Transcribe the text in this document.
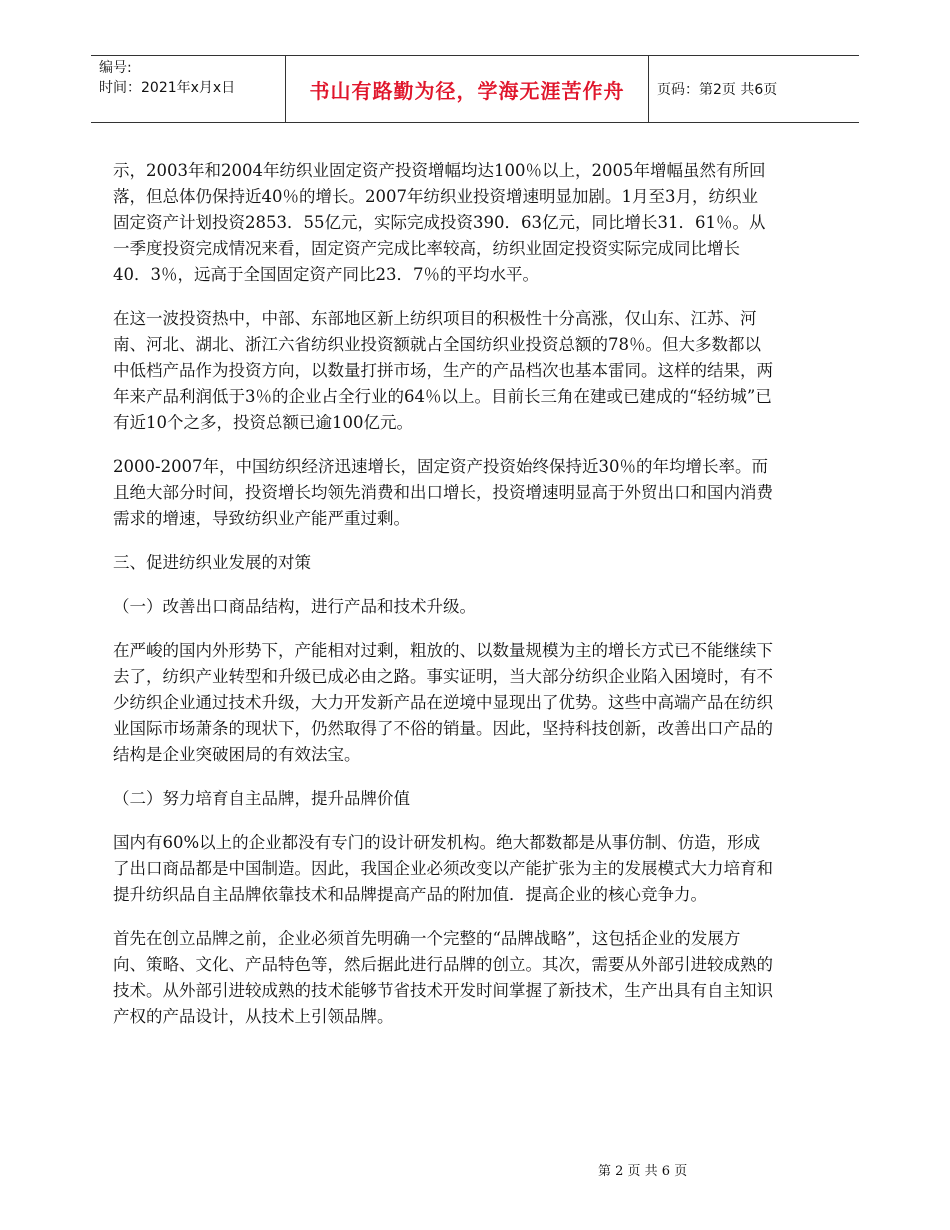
编号:
时间：2021年x月x日	书山有路勤为径，学海无涯苦作舟	页码：第2页 共6页

示，2003年和2004年纺织业固定资产投资增幅均达100％以上，2005年增幅虽然有所回落，但总体仍保持近40％的增长。2007年纺织业投资增速明显加剧。1月至3月，纺织业固定资产计划投资2853．55亿元，实际完成投资390．63亿元，同比增长31．61％。从一季度投资完成情况来看，固定资产完成比率较高，纺织业固定投资实际完成同比增长40．3％，远高于全国固定资产同比23．7％的平均水平。

在这一波投资热中，中部、东部地区新上纺织项目的积极性十分高涨，仅山东、江苏、河南、河北、湖北、浙江六省纺织业投资额就占全国纺织业投资总额的78％。但大多数都以中低档产品作为投资方向，以数量打拼市场，生产的产品档次也基本雷同。这样的结果，两年来产品利润低于3％的企业占全行业的64％以上。目前长三角在建或已建成的“轻纺城”已有近10个之多，投资总额已逾100亿元。

2000-2007年，中国纺织经济迅速增长，固定资产投资始终保持近30％的年均增长率。而且绝大部分时间，投资增长均领先消费和出口增长，投资增速明显高于外贸出口和国内消费需求的增速，导致纺织业产能严重过剩。

三、促进纺织业发展的对策

（一）改善出口商品结构，进行产品和技术升级。

在严峻的国内外形势下，产能相对过剩，粗放的、以数量规模为主的增长方式已不能继续下去了，纺织产业转型和升级已成必由之路。事实证明，当大部分纺织企业陷入困境时，有不少纺织企业通过技术升级，大力开发新产品在逆境中显现出了优势。这些中高端产品在纺织业国际市场萧条的现状下，仍然取得了不俗的销量。因此，坚持科技创新，改善出口产品的结构是企业突破困局的有效法宝。

（二）努力培育自主品牌，提升品牌价值

国内有60%以上的企业都没有专门的设计研发机构。绝大都数都是从事仿制、仿造，形成了出口商品都是中国制造。因此，我国企业必须改变以产能扩张为主的发展模式大力培育和提升纺织品自主品牌依靠技术和品牌提高产品的附加值．提高企业的核心竞争力。

首先在创立品牌之前，企业必须首先明确一个完整的“品牌战略”，这包括企业的发展方向、策略、文化、产品特色等，然后据此进行品牌的创立。其次，需要从外部引进较成熟的技术。从外部引进较成熟的技术能够节省技术开发时间掌握了新技术，生产出具有自主知识产权的产品设计，从技术上引领品牌。

第 2 页 共 6 页
